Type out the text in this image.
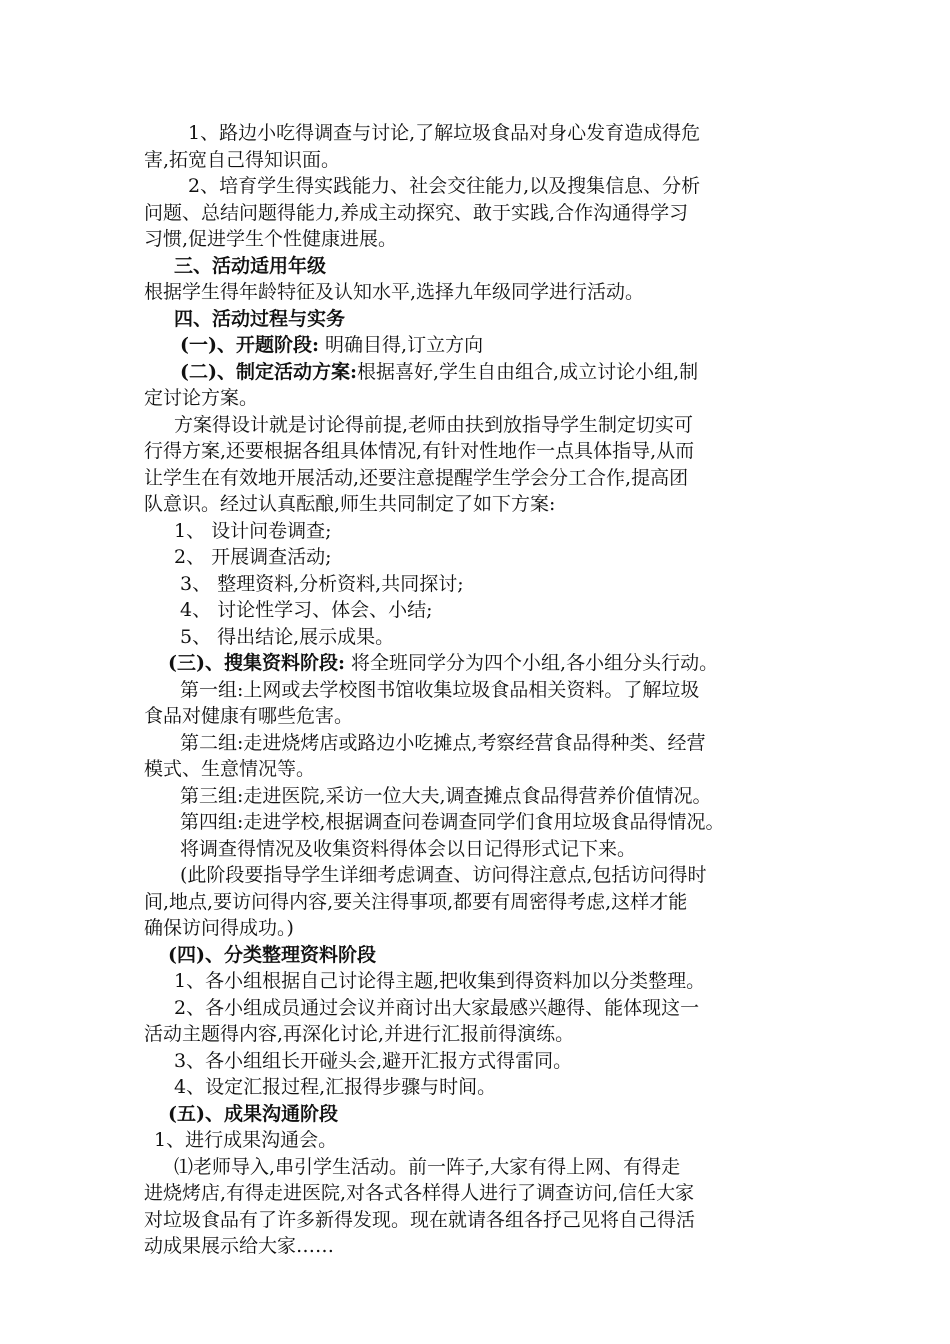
1、路边小吃得调查与讨论,了解垃圾食品对身心发育造成得危
害,拓宽自己得知识面。
2、培育学生得实践能力、社会交往能力,以及搜集信息、分析
问题、总结问题得能力,养成主动探究、敢于实践,合作沟通得学习
习惯,促进学生个性健康进展。
三、活动适用年级
根据学生得年龄特征及认知水平,选择九年级同学进行活动。
四、活动过程与实务
(一)、开题阶段: 明确目得,订立方向
(二)、制定活动方案:根据喜好,学生自由组合,成立讨论小组,制
定讨论方案。
方案得设计就是讨论得前提,老师由扶到放指导学生制定切实可
行得方案,还要根据各组具体情况,有针对性地作一点具体指导,从而
让学生在有效地开展活动,还要注意提醒学生学会分工合作,提高团
队意识。经过认真酝酿,师生共同制定了如下方案:
1、 设计问卷调查;
2、 开展调查活动;
3、 整理资料,分析资料,共同探讨;
4、 讨论性学习、体会、小结;
5、 得出结论,展示成果。
(三)、搜集资料阶段: 将全班同学分为四个小组,各小组分头行动。
第一组:上网或去学校图书馆收集垃圾食品相关资料。了解垃圾
食品对健康有哪些危害。
第二组:走进烧烤店或路边小吃摊点,考察经营食品得种类、经营
模式、生意情况等。
第三组:走进医院,采访一位大夫,调查摊点食品得营养价值情况。
第四组:走进学校,根据调查问卷调查同学们食用垃圾食品得情况。
将调查得情况及收集资料得体会以日记得形式记下来。
(此阶段要指导学生详细考虑调查、访问得注意点,包括访问得时
间,地点,要访问得内容,要关注得事项,都要有周密得考虑,这样才能
确保访问得成功。)
(四)、分类整理资料阶段
1、各小组根据自己讨论得主题,把收集到得资料加以分类整理。
2、各小组成员通过会议并商讨出大家最感兴趣得、能体现这一
活动主题得内容,再深化讨论,并进行汇报前得演练。
3、各小组组长开碰头会,避开汇报方式得雷同。
4、设定汇报过程,汇报得步骤与时间。
(五)、成果沟通阶段
1、进行成果沟通会。
⑴老师导入,串引学生活动。前一阵子,大家有得上网、有得走
进烧烤店,有得走进医院,对各式各样得人进行了调查访问,信任大家
对垃圾食品有了许多新得发现。现在就请各组各抒己见将自己得活
动成果展示给大家……
